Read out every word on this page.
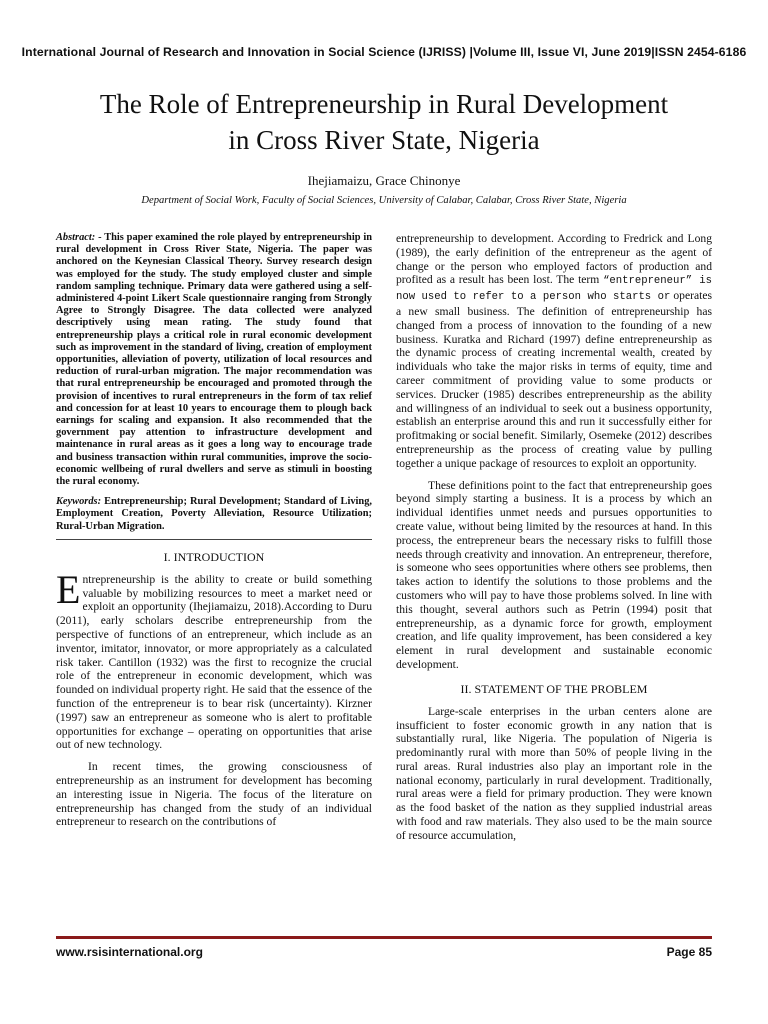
International Journal of Research and Innovation in Social Science (IJRISS) |Volume III, Issue VI, June 2019|ISSN 2454-6186
The Role of Entrepreneurship in Rural Development
in Cross River State, Nigeria
Ihejiamaizu, Grace Chinonye
Department of Social Work, Faculty of Social Sciences, University of Calabar, Calabar, Cross River State, Nigeria

Abstract: - This paper examined the role played by entrepreneurship in rural development in Cross River State, Nigeria. The paper was anchored on the Keynesian Classical Theory. Survey research design was employed for the study. The study employed cluster and simple random sampling technique. Primary data were gathered using a self-administered 4-point Likert Scale questionnaire ranging from Strongly Agree to Strongly Disagree. The data collected were analyzed descriptively using mean rating. The study found that entrepreneurship plays a critical role in rural economic development such as improvement in the standard of living, creation of employment opportunities, alleviation of poverty, utilization of local resources and reduction of rural-urban migration. The major recommendation was that rural entrepreneurship be encouraged and promoted through the provision of incentives to rural entrepreneurs in the form of tax relief and concession for at least 10 years to encourage them to plough back earnings for scaling and expansion. It also recommended that the government pay attention to infrastructure development and maintenance in rural areas as it goes a long way to encourage trade and business transaction within rural communities, improve the socio-economic wellbeing of rural dwellers and serve as stimuli in boosting the rural economy.

Keywords: Entrepreneurship; Rural Development; Standard of Living, Employment Creation, Poverty Alleviation, Resource Utilization; Rural-Urban Migration.

I. INTRODUCTION

Entrepreneurship is the ability to create or build something valuable by mobilizing resources to meet a market need or exploit an opportunity (Ihejiamaizu, 2018).According to Duru (2011), early scholars describe entrepreneurship from the perspective of functions of an entrepreneur, which include as an inventor, imitator, innovator, or more appropriately as a calculated risk taker. Cantillon (1932) was the first to recognize the crucial role of the entrepreneur in economic development, which was founded on individual property right. He said that the essence of the function of the entrepreneur is to bear risk (uncertainty). Kirzner (1997) saw an entrepreneur as someone who is alert to profitable opportunities for exchange – operating on opportunities that arise out of new technology.

In recent times, the growing consciousness of entrepreneurship as an instrument for development has becoming an interesting issue in Nigeria. The focus of the literature on entrepreneurship has changed from the study of an individual entrepreneur to research on the contributions of

entrepreneurship to development. According to Fredrick and Long (1989), the early definition of the entrepreneur as the agent of change or the person who employed factors of production and profited as a result has been lost. The term “entrepreneur” is now used to refer to a person who starts or operates a new small business. The definition of entrepreneurship has changed from a process of innovation to the founding of a new business. Kuratka and Richard (1997) define entrepreneurship as the dynamic process of creating incremental wealth, created by individuals who take the major risks in terms of equity, time and career commitment of providing value to some products or services. Drucker (1985) describes entrepreneurship as the ability and willingness of an individual to seek out a business opportunity, establish an enterprise around this and run it successfully either for profitmaking or social benefit. Similarly, Osemeke (2012) describes entrepreneurship as the process of creating value by pulling together a unique package of resources to exploit an opportunity.

These definitions point to the fact that entrepreneurship goes beyond simply starting a business. It is a process by which an individual identifies unmet needs and pursues opportunities to create value, without being limited by the resources at hand. In this process, the entrepreneur bears the necessary risks to fulfill those needs through creativity and innovation. An entrepreneur, therefore, is someone who sees opportunities where others see problems, then takes action to identify the solutions to those problems and the customers who will pay to have those problems solved. In line with this thought, several authors such as Petrin (1994) posit that entrepreneurship, as a dynamic force for growth, employment creation, and life quality improvement, has been considered a key element in rural development and sustainable economic development.

II. STATEMENT OF THE PROBLEM

Large-scale enterprises in the urban centers alone are insufficient to foster economic growth in any nation that is substantially rural, like Nigeria. The population of Nigeria is predominantly rural with more than 50% of people living in the rural areas. Rural industries also play an important role in the national economy, particularly in rural development. Traditionally, rural areas were a field for primary production. They were known as the food basket of the nation as they supplied industrial areas with food and raw materials. They also used to be the main source of resource accumulation,

www.rsisinternational.org	Page 85
